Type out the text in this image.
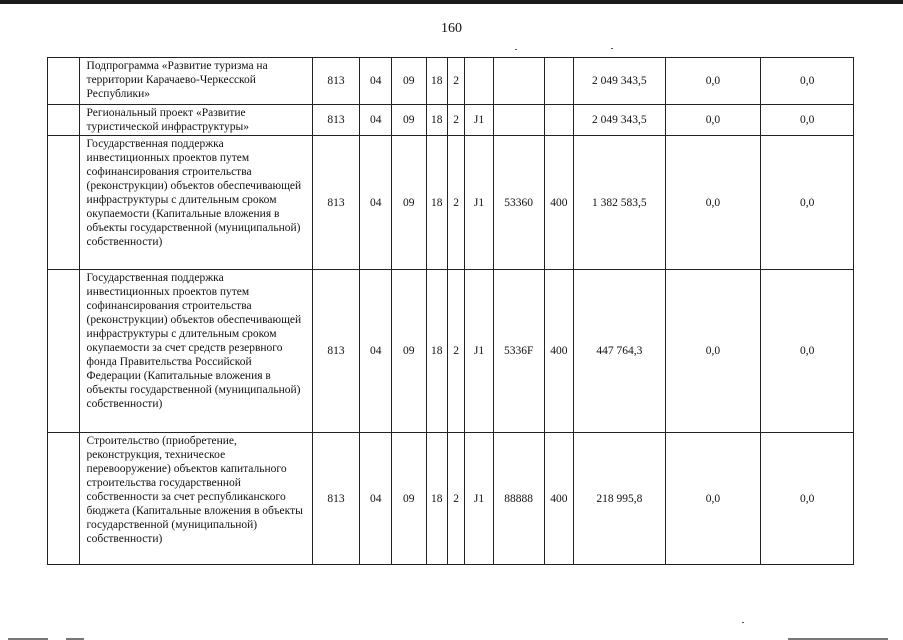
160
	Подпрограмма «Развитие туризма на территории Карачаево-Черкесской Республики»	813	04	09	18	2				2 049 343,5	0,0	0,0
	Региональный проект «Развитие туристической инфраструктуры»	813	04	09	18	2	J1			2 049 343,5	0,0	0,0
	Государственная поддержка инвестиционных проектов путем софинансирования строительства (реконструкции) объектов обеспечивающей инфраструктуры с длительным сроком окупаемости (Капитальные вложения в объекты государственной (муниципальной) собственности)	813	04	09	18	2	J1	53360	400	1 382 583,5	0,0	0,0
	Государственная поддержка инвестиционных проектов путем софинансирования строительства (реконструкции) объектов обеспечивающей инфраструктуры с длительным сроком окупаемости за счет средств резервного фонда Правительства Российской Федерации (Капитальные вложения в объекты государственной (муниципальной) собственности)	813	04	09	18	2	J1	5336F	400	447 764,3	0,0	0,0
	Строительство (приобретение, реконструкция, техническое перевооружение) объектов капитального строительства государственной собственности за счет республиканского бюджета (Капитальные вложения в объекты государственной (муниципальной) собственности)	813	04	09	18	2	J1	88888	400	218 995,8	0,0	0,0
